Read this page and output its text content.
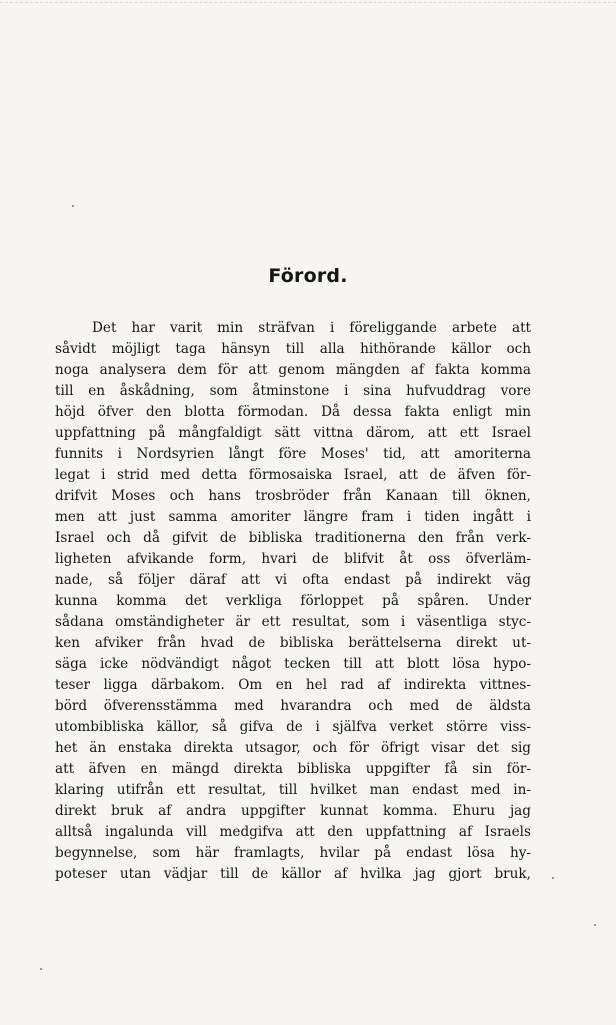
Förord.
Det har varit min sträfvan i föreliggande arbete att
såvidt möjligt taga hänsyn till alla hithörande källor och
noga analysera dem för att genom mängden af fakta komma
till en åskådning, som åtminstone i sina hufvuddrag vore
höjd öfver den blotta förmodan. Då dessa fakta enligt min
uppfattning på mångfaldigt sätt vittna därom, att ett Israel
funnits i Nordsyrien långt före Moses' tid, att amoriterna
legat i strid med detta förmosaiska Israel, att de äfven för-
drifvit Moses och hans trosbröder från Kanaan till öknen,
men att just samma amoriter längre fram i tiden ingått i
Israel och då gifvit de bibliska traditionerna den från verk-
ligheten afvikande form, hvari de blifvit åt oss öfverläm-
nade, så följer däraf att vi ofta endast på indirekt väg
kunna komma det verkliga förloppet på spåren. Under
sådana omständigheter är ett resultat, som i väsentliga styc-
ken afviker från hvad de bibliska berättelserna direkt ut-
säga icke nödvändigt något tecken till att blott lösa hypo-
teser ligga därbakom. Om en hel rad af indirekta vittnes-
börd öfverensstämma med hvarandra och med de äldsta
utombibliska källor, så gifva de i själfva verket större viss-
het än enstaka direkta utsagor, och för öfrigt visar det sig
att äfven en mängd direkta bibliska uppgifter få sin för-
klaring utifrån ett resultat, till hvilket man endast med in-
direkt bruk af andra uppgifter kunnat komma. Ehuru jag
alltså ingalunda vill medgifva att den uppfattning af Israels
begynnelse, som här framlagts, hvilar på endast lösa hy-
poteser utan vädjar till de källor af hvilka jag gjort bruk,
